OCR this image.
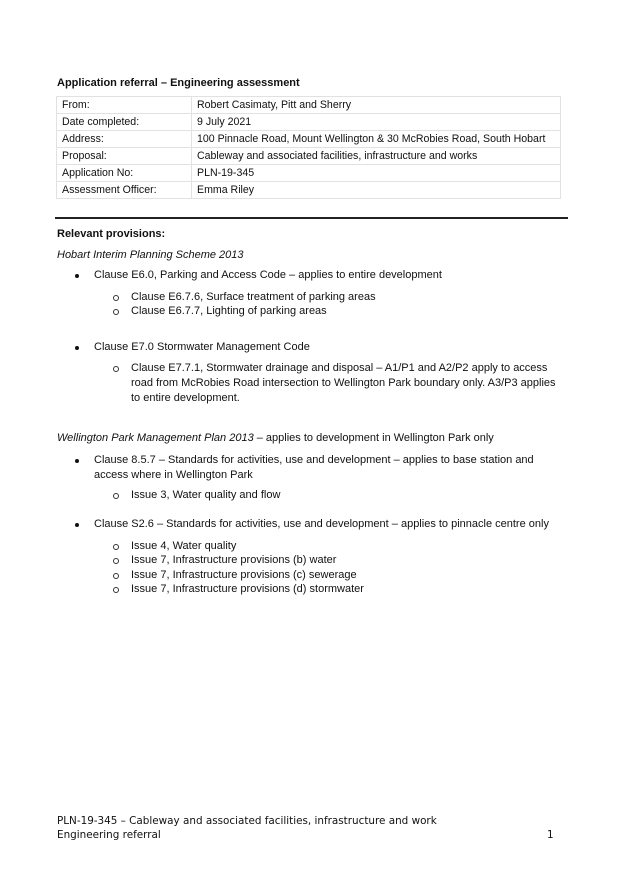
Application referral – Engineering assessment
From:	Robert Casimaty, Pitt and Sherry
Date completed:	9 July 2021
Address:	100 Pinnacle Road, Mount Wellington & 30 McRobies Road, South Hobart
Proposal:	Cableway and associated facilities, infrastructure and works
Application No:	PLN-19-345
Assessment Officer:	Emma Riley
Relevant provisions:
Hobart Interim Planning Scheme 2013
Clause E6.0, Parking and Access Code – applies to entire development
Clause E6.7.6, Surface treatment of parking areas
Clause E6.7.7, Lighting of parking areas
Clause E7.0 Stormwater Management Code
Clause E7.7.1, Stormwater drainage and disposal – A1/P1 and A2/P2 apply to access road from McRobies Road intersection to Wellington Park boundary only. A3/P3 applies to entire development.
Wellington Park Management Plan 2013 – applies to development in Wellington Park only
Clause 8.5.7 – Standards for activities, use and development – applies to base station and access where in Wellington Park
Issue 3, Water quality and flow
Clause S2.6 – Standards for activities, use and development – applies to pinnacle centre only
Issue 4, Water quality
Issue 7, Infrastructure provisions (b) water
Issue 7, Infrastructure provisions (c) sewerage
Issue 7, Infrastructure provisions (d) stormwater
PLN-19-345 – Cableway and associated facilities, infrastructure and work
Engineering referral	1
